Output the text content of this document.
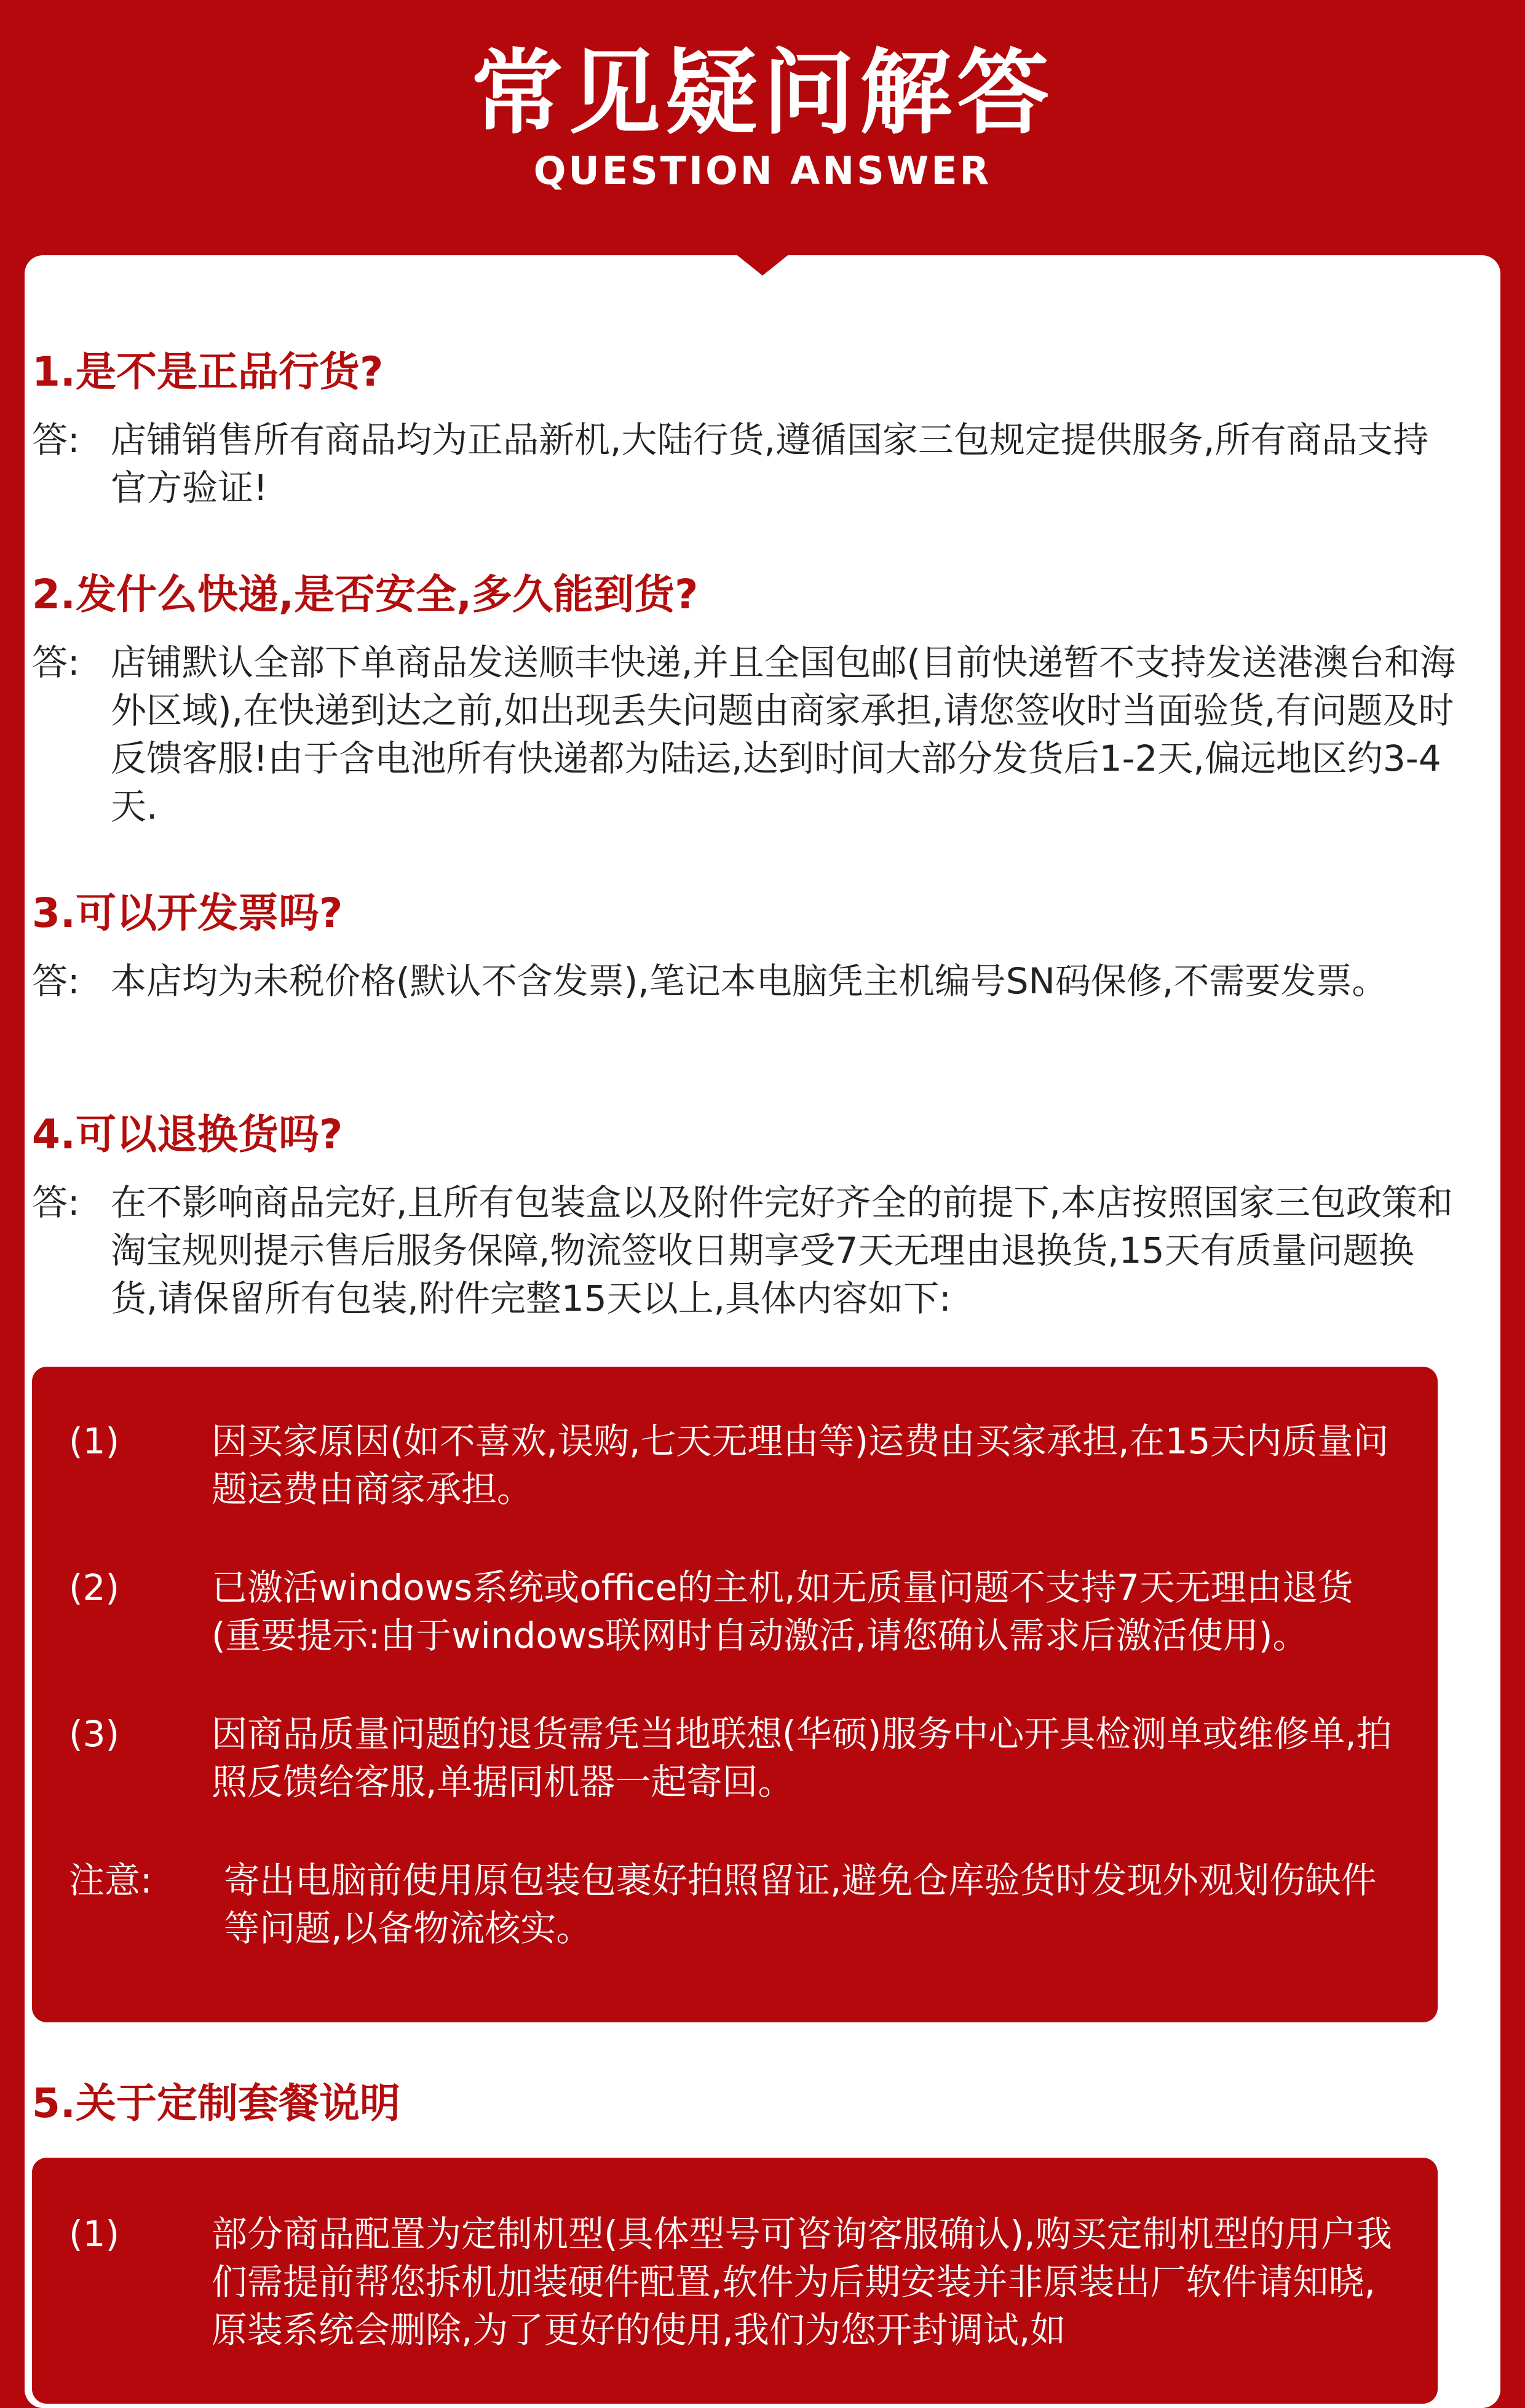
常见疑问解答
QUESTION ANSWER
1.是不是正品行货?
答: 店铺销售所有商品均为正品新机,大陆行货,遵循国家三包规定提供服务,所有商品支持官方验证!
2.发什么快递,是否安全,多久能到货?
答: 店铺默认全部下单商品发送顺丰快递,并且全国包邮(目前快递暂不支持发送港澳台和海外区域),在快递到达之前,如出现丢失问题由商家承担,请您签收时当面验货,有问题及时反馈客服!由于含电池所有快递都为陆运,达到时间大部分发货后1-2天,偏远地区约3-4天.
3.可以开发票吗?
答: 本店均为未税价格(默认不含发票),笔记本电脑凭主机编号SN码保修,不需要发票。
4.可以退换货吗?
答: 在不影响商品完好,且所有包装盒以及附件完好齐全的前提下,本店按照国家三包政策和淘宝规则提示售后服务保障,物流签收日期享受7天无理由退换货,15天有质量问题换货,请保留所有包装,附件完整15天以上,具体内容如下:
(1)	因买家原因(如不喜欢,误购,七天无理由等)运费由买家承担,在15天内质量问题运费由商家承担。
(2)	已激活windows系统或office的主机,如无质量问题不支持7天无理由退货(重要提示:由于windows联网时自动激活,请您确认需求后激活使用)。
(3)	因商品质量问题的退货需凭当地联想(华硕)服务中心开具检测单或维修单,拍照反馈给客服,单据同机器一起寄回。
注意: 寄出电脑前使用原包装包裹好拍照留证,避免仓库验货时发现外观划伤缺件等问题,以备物流核实。
5.关于定制套餐说明
(1)	部分商品配置为定制机型(具体型号可咨询客服确认),购买定制机型的用户我们需提前帮您拆机加装硬件配置,软件为后期安装并非原装出厂软件请知晓,原装系统会删除,为了更好的使用,我们为您开封调试,如
